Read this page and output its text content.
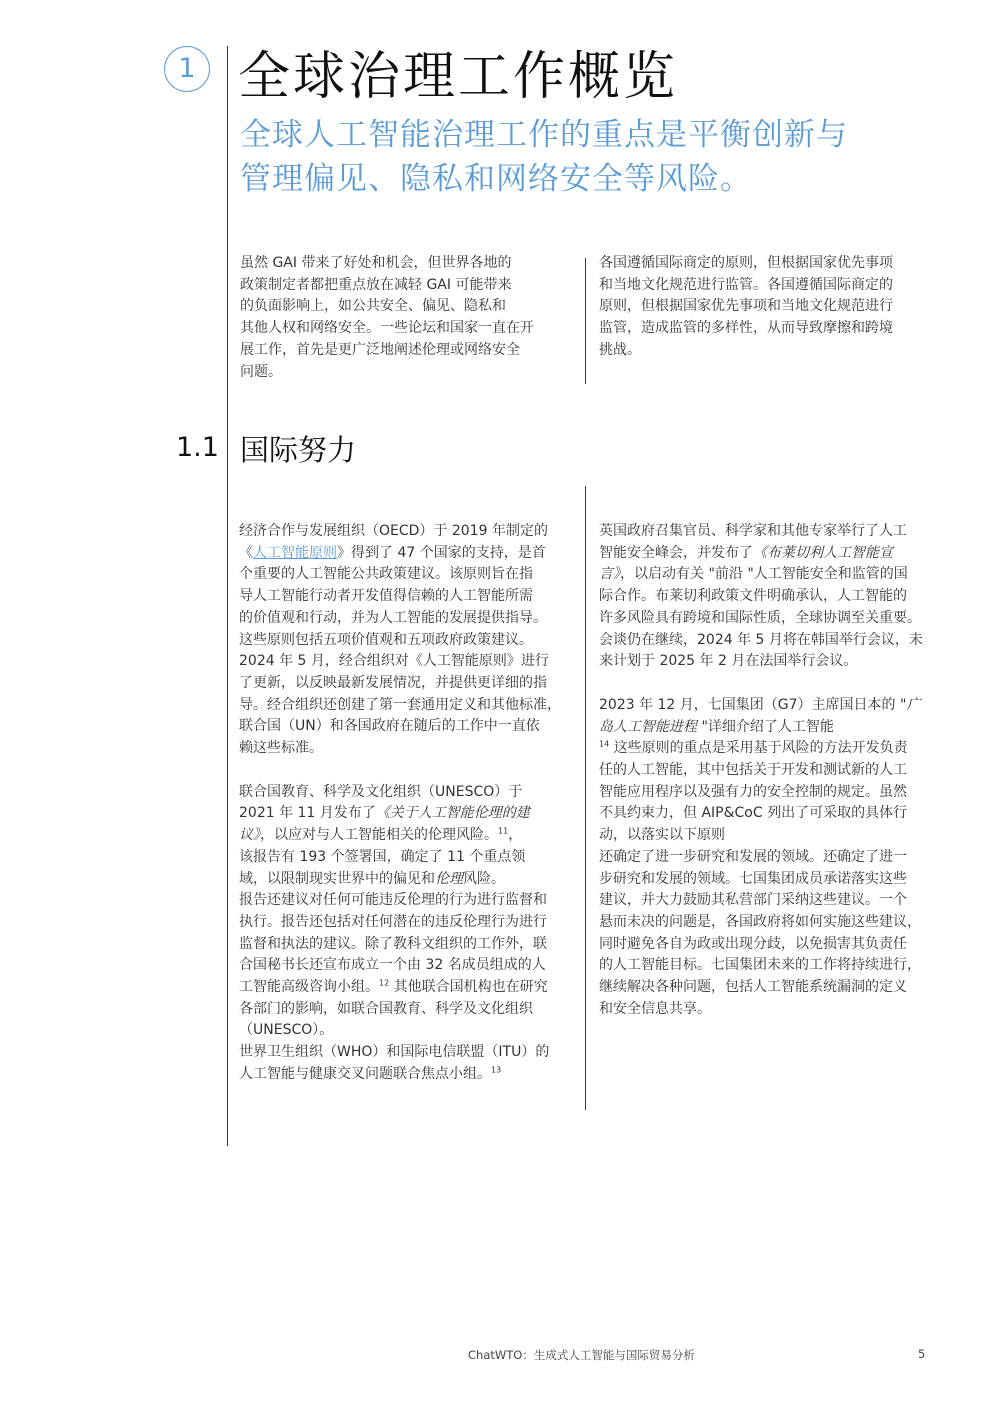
1 全球治理工作概览
全球人工智能治理工作的重点是平衡创新与
管理偏见、隐私和网络安全等风险。

虽然 GAI 带来了好处和机会，但世界各地的

政策制定者都把重点放在减轻 GAI 可能带来

的负面影响上，如公共安全、偏见、隐私和

其他人权和网络安全。一些论坛和国家一直在开

展工作，首先是更广泛地阐述伦理或网络安全

问题。

各国遵循国际商定的原则，但根据国家优先事项

和当地文化规范进行监管。各国遵循国际商定的

原则，但根据国家优先事项和当地文化规范进行

监管，造成监管的多样性，从而导致摩擦和跨境

挑战。

1.1 国际努力

经济合作与发展组织（OECD）于 2019 年制定的

《人工智能原则》得到了 47 个国家的支持，是首

个重要的人工智能公共政策建议。该原则旨在指

导人工智能行动者开发值得信赖的人工智能所需

的价值观和行动，并为人工智能的发展提供指导。

这些原则包括五项价值观和五项政府政策建议。

2024 年 5 月，经合组织对《人工智能原则》进行

了更新，以反映最新发展情况，并提供更详细的指

导。经合组织还创建了第一套通用定义和其他标准，

联合国（UN）和各国政府在随后的工作中一直依

赖这些标准。

联合国教育、科学及文化组织（UNESCO）于

2021 年 11 月发布了《关于人工智能伦理的建

议》，以应对与人工智能相关的伦理风险。$^{11}$，

该报告有 193 个签署国，确定了 11 个重点领

域，以限制现实世界中的偏见和伦理风险。

报告还建议对任何可能违反伦理的行为进行监督和

执行。报告还包括对任何潜在的违反伦理行为进行

监督和执法的建议。除了教科文组织的工作外，联

合国秘书长还宣布成立一个由 32 名成员组成的人

工智能高级咨询小组。$^{12}$ 其他联合国机构也在研究

各部门的影响，如联合国教育、科学及文化组织

（UNESCO）。

世界卫生组织（WHO）和国际电信联盟（ITU）的

人工智能与健康交叉问题联合焦点小组。$^{13}$

英国政府召集官员、科学家和其他专家举行了人工

智能安全峰会，并发布了《布莱切利人工智能宣

言》，以启动有关 "前沿 "人工智能安全和监管的国

际合作。布莱切利政策文件明确承认，人工智能的

许多风险具有跨境和国际性质，全球协调至关重要。

会谈仍在继续，2024 年 5 月将在韩国举行会议，未

来计划于 2025 年 2 月在法国举行会议。

2023 年 12 月，七国集团（G7）主席国日本的 "广

岛人工智能进程 "详细介绍了人工智能

$^{14}$ 这些原则的重点是采用基于风险的方法开发负责

任的人工智能，其中包括关于开发和测试新的人工

智能应用程序以及强有力的安全控制的规定。虽然

不具约束力，但 AIP&CoC 列出了可采取的具体行

动，以落实以下原则

还确定了进一步研究和发展的领域。还确定了进一

步研究和发展的领域。七国集团成员承诺落实这些

建议，并大力鼓励其私营部门采纳这些建议。一个

悬而未决的问题是，各国政府将如何实施这些建议，

同时避免各自为政或出现分歧，以免损害其负责任

的人工智能目标。七国集团未来的工作将持续进行，

继续解决各种问题，包括人工智能系统漏洞的定义

和安全信息共享。

ChatWTO：生成式人工智能与国际贸易分析	5
